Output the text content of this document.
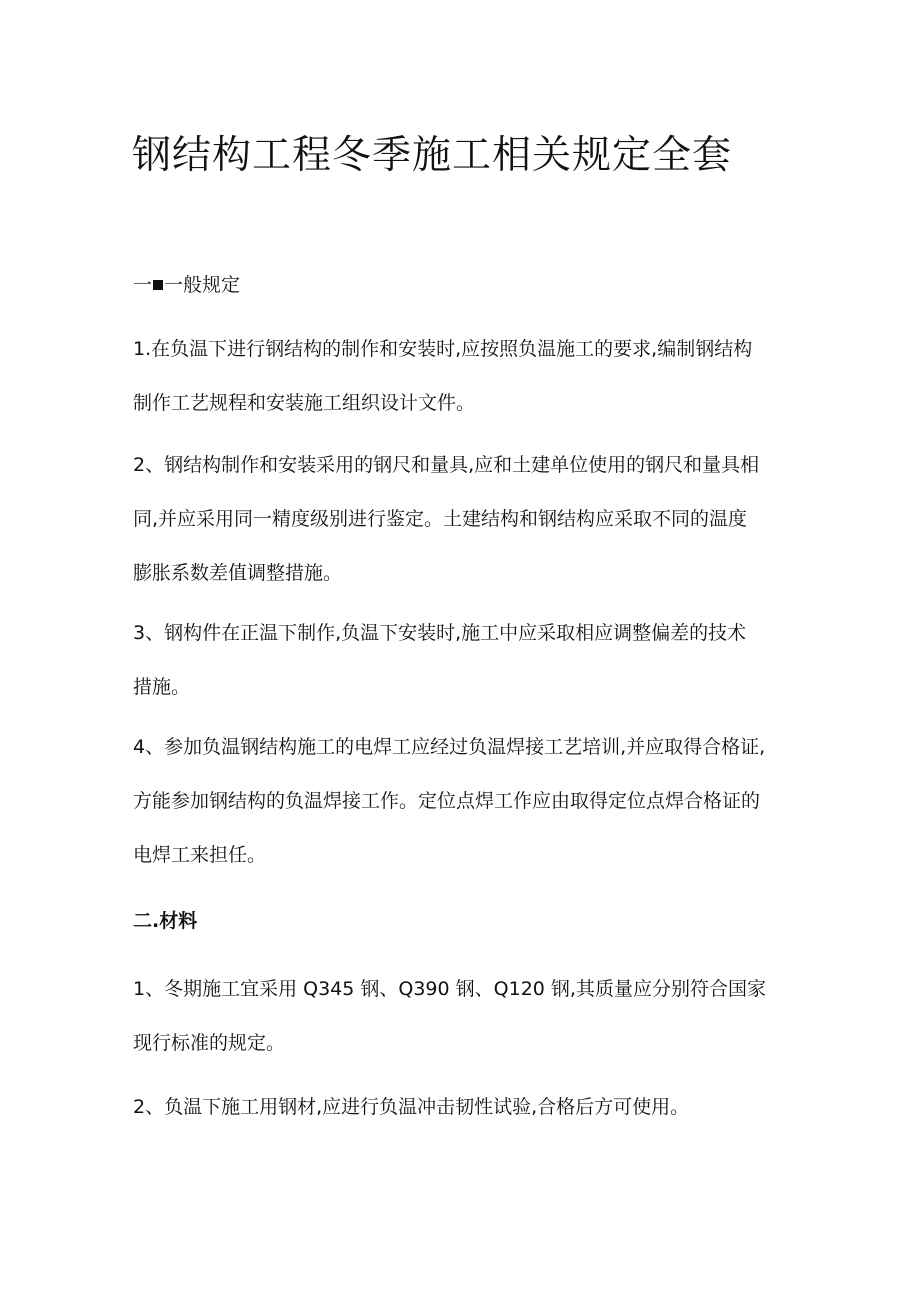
钢结构工程冬季施工相关规定全套
一 一般规定
1.在负温下进行钢结构的制作和安装时,应按照负温施工的要求,编制钢结构
制作工艺规程和安装施工组织设计文件。
2、钢结构制作和安装采用的钢尺和量具,应和土建单位使用的钢尺和量具相
同,并应采用同一精度级别进行鉴定。土建结构和钢结构应采取不同的温度
膨胀系数差值调整措施。
3、钢构件在正温下制作,负温下安装时,施工中应采取相应调整偏差的技术
措施。
4、参加负温钢结构施工的电焊工应经过负温焊接工艺培训,并应取得合格证,
方能参加钢结构的负温焊接工作。定位点焊工作应由取得定位点焊合格证的
电焊工来担任。
二.材料
1、冬期施工宜采用 Q345 钢、Q390 钢、Q120 钢,其质量应分别符合国家
现行标准的规定。
2、负温下施工用钢材,应进行负温冲击韧性试验,合格后方可使用。
